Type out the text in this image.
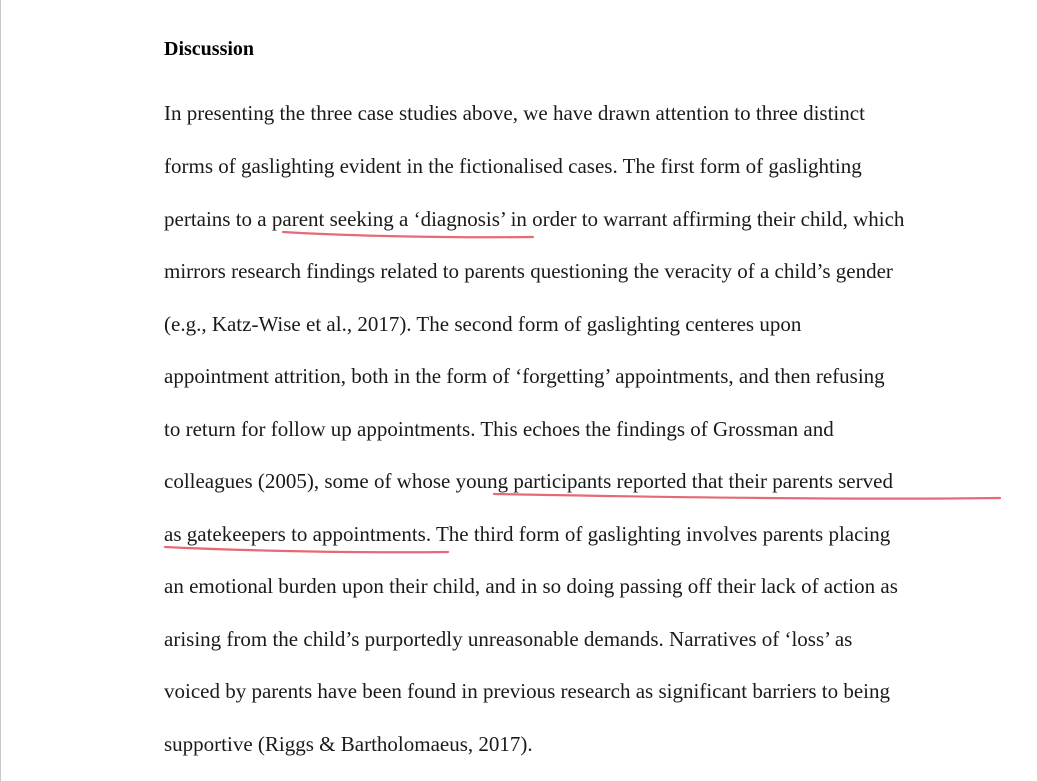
Discussion

In presenting the three case studies above, we have drawn attention to three distinct

forms of gaslighting evident in the fictionalised cases. The first form of gaslighting

pertains to a parent seeking a ‘diagnosis’ in order to warrant affirming their child, which

mirrors research findings related to parents questioning the veracity of a child’s gender

(e.g., Katz-Wise et al., 2017). The second form of gaslighting centeres upon

appointment attrition, both in the form of ‘forgetting’ appointments, and then refusing

to return for follow up appointments. This echoes the findings of Grossman and

colleagues (2005), some of whose young participants reported that their parents served

as gatekeepers to appointments. The third form of gaslighting involves parents placing

an emotional burden upon their child, and in so doing passing off their lack of action as

arising from the child’s purportedly unreasonable demands. Narratives of ‘loss’ as

voiced by parents have been found in previous research as significant barriers to being

supportive (Riggs & Bartholomaeus, 2017).
